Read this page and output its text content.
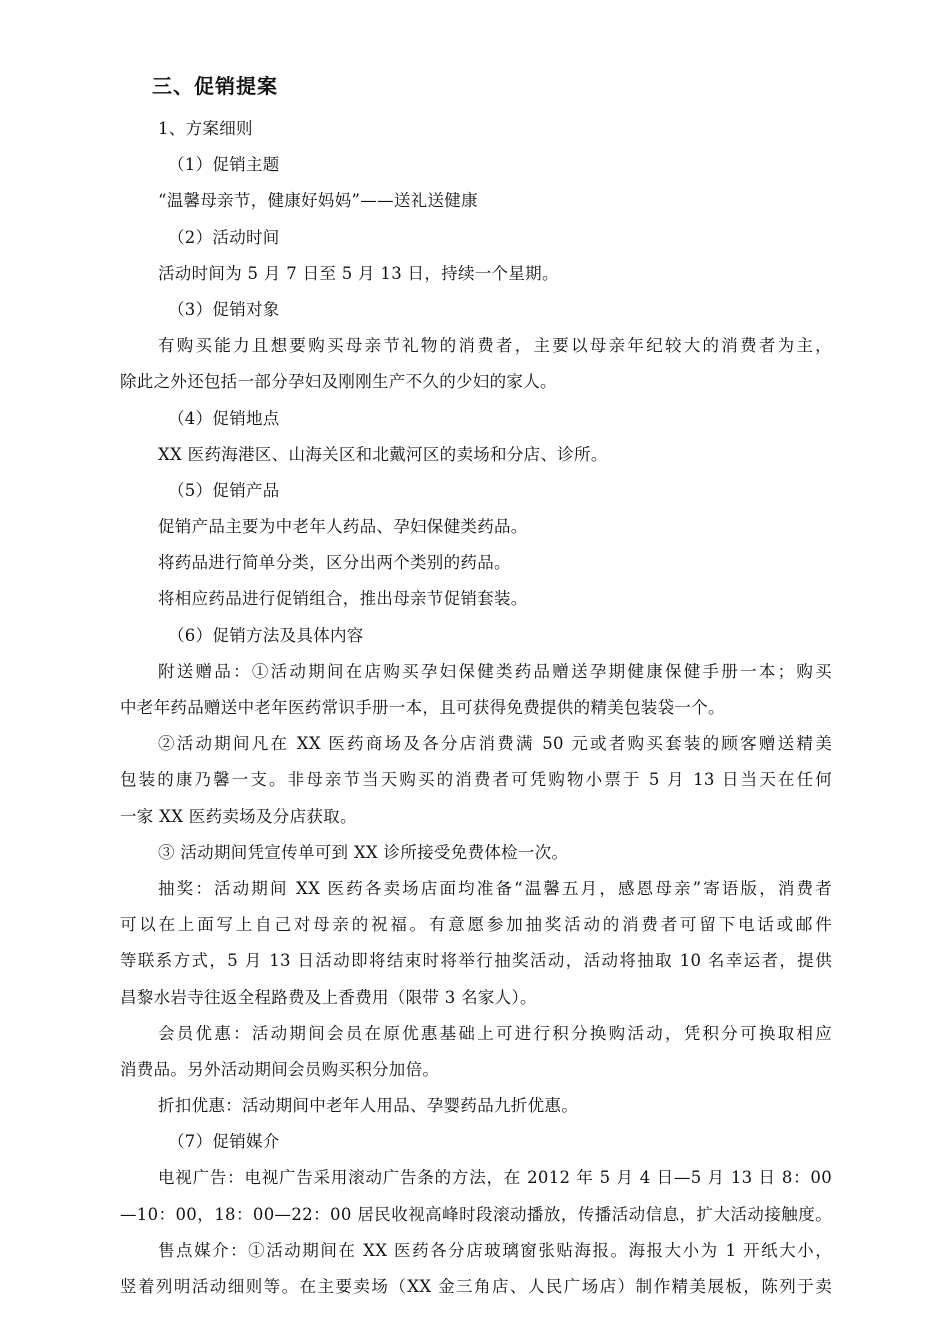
三、促销提案
1、方案细则
（1）促销主题
“温馨母亲节，健康好妈妈”——送礼送健康
（2）活动时间
活动时间为 5 月 7 日至 5 月 13 日，持续一个星期。
（3）促销对象
有购买能力且想要购买母亲节礼物的消费者，主要以母亲年纪较大的消费者为主，
除此之外还包括一部分孕妇及刚刚生产不久的少妇的家人。
（4）促销地点
XX 医药海港区、山海关区和北戴河区的卖场和分店、诊所。
（5）促销产品
促销产品主要为中老年人药品、孕妇保健类药品。
将药品进行简单分类，区分出两个类别的药品。
将相应药品进行促销组合，推出母亲节促销套装。
（6）促销方法及具体内容
附送赠品：①活动期间在店购买孕妇保健类药品赠送孕期健康保健手册一本；购买
中老年药品赠送中老年医药常识手册一本，且可获得免费提供的精美包装袋一个。
②活动期间凡在 XX 医药商场及各分店消费满 50 元或者购买套装的顾客赠送精美
包装的康乃馨一支。非母亲节当天购买的消费者可凭购物小票于 5 月 13 日当天在任何
一家 XX 医药卖场及分店获取。
③ 活动期间凭宣传单可到 XX 诊所接受免费体检一次。
抽奖：活动期间 XX 医药各卖场店面均准备“温馨五月，感恩母亲”寄语版，消费者
可以在上面写上自己对母亲的祝福。有意愿参加抽奖活动的消费者可留下电话或邮件
等联系方式，5 月 13 日活动即将结束时将举行抽奖活动，活动将抽取 10 名幸运者，提供
昌黎水岩寺往返全程路费及上香费用（限带 3 名家人）。
会员优惠：活动期间会员在原优惠基础上可进行积分换购活动，凭积分可换取相应
消费品。另外活动期间会员购买积分加倍。
折扣优惠：活动期间中老年人用品、孕婴药品九折优惠。
（7）促销媒介
电视广告：电视广告采用滚动广告条的方法，在 2012 年 5 月 4 日—5 月 13 日 8：00
—10：00，18：00—22：00 居民收视高峰时段滚动播放，传播活动信息，扩大活动接触度。
售点媒介：①活动期间在 XX 医药各分店玻璃窗张贴海报。海报大小为 1 开纸大小，
竖着列明活动细则等。在主要卖场（XX 金三角店、人民广场店）制作精美展板，陈列于卖
